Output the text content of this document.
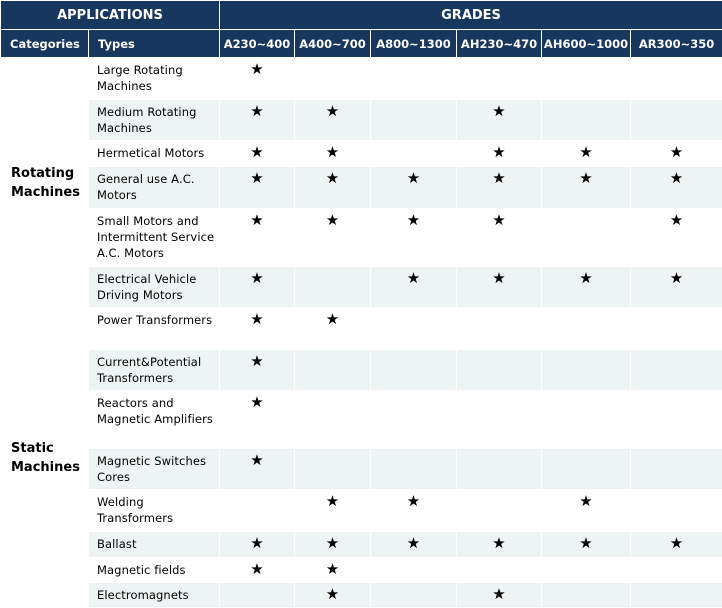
APPLICATIONS		GRADES					
Categories	Types	A230~400	A400~700	A800~1300	AH230~470	AH600~1000	AR300~350
Rotating Machines	Large Rotating Machines	★					
	Medium Rotating Machines	★	★		★		
	Hermetical Motors	★	★		★	★	★
	General use A.C. Motors	★	★	★	★	★	★
	Small Motors and Intermittent Service A.C. Motors	★	★	★	★		★
	Electrical Vehicle Driving Motors	★		★	★	★	★
Static Machines	Power Transformers	★	★				
	Current&Potential Transformers	★					
	Reactors and Magnetic Amplifiers	★					
	Magnetic Switches Cores	★					
	Welding Transformers		★	★		★	
	Ballast	★	★	★	★	★	★
	Magnetic fields	★	★				
	Electromagnets		★		★		
